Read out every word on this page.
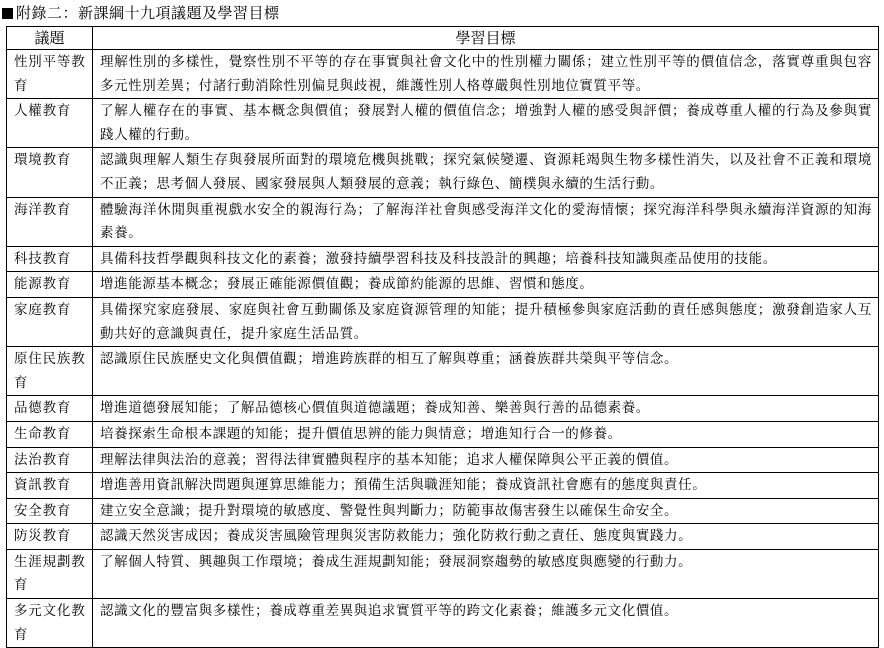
附錄二：新課綱十九項議題及學習目標
議題	學習目標
性別平等教育	理解性別的多樣性，覺察性別不平等的存在事實與社會文化中的性別權力關係；建立性別平等的價值信念，落實尊重與包容多元性別差異；付諸行動消除性別偏見與歧視，維護性別人格尊嚴與性別地位實質平等。
人權教育	了解人權存在的事實、基本概念與價值；發展對人權的價值信念；增強對人權的感受與評價；養成尊重人權的行為及參與實踐人權的行動。
環境教育	認識與理解人類生存與發展所面對的環境危機與挑戰；探究氣候變遷、資源耗竭與生物多樣性消失，以及社會不正義和環境不正義；思考個人發展、國家發展與人類發展的意義；執行綠色、簡樸與永續的生活行動。
海洋教育	體驗海洋休閒與重視戲水安全的親海行為；了解海洋社會與感受海洋文化的愛海情懷；探究海洋科學與永續海洋資源的知海素養。
科技教育	具備科技哲學觀與科技文化的素養；激發持續學習科技及科技設計的興趣；培養科技知識與產品使用的技能。
能源教育	增進能源基本概念；發展正確能源價值觀；養成節約能源的思維、習慣和態度。
家庭教育	具備探究家庭發展、家庭與社會互動關係及家庭資源管理的知能；提升積極參與家庭活動的責任感與態度；激發創造家人互動共好的意識與責任，提升家庭生活品質。
原住民族教育	認識原住民族歷史文化與價值觀；增進跨族群的相互了解與尊重；涵養族群共榮與平等信念。
品德教育	增進道德發展知能；了解品德核心價值與道德議題；養成知善、樂善與行善的品德素養。
生命教育	培養探索生命根本課題的知能；提升價值思辨的能力與情意；增進知行合一的修養。
法治教育	理解法律與法治的意義；習得法律實體與程序的基本知能；追求人權保障與公平正義的價值。
資訊教育	增進善用資訊解決問題與運算思維能力；預備生活與職涯知能；養成資訊社會應有的態度與責任。
安全教育	建立安全意識；提升對環境的敏感度、警覺性與判斷力；防範事故傷害發生以確保生命安全。
防災教育	認識天然災害成因；養成災害風險管理與災害防救能力；強化防救行動之責任、態度與實踐力。
生涯規劃教育	了解個人特質、興趣與工作環境；養成生涯規劃知能；發展洞察趨勢的敏感度與應變的行動力。
多元文化教育	認識文化的豐富與多樣性；養成尊重差異與追求實質平等的跨文化素養；維護多元文化價值。
